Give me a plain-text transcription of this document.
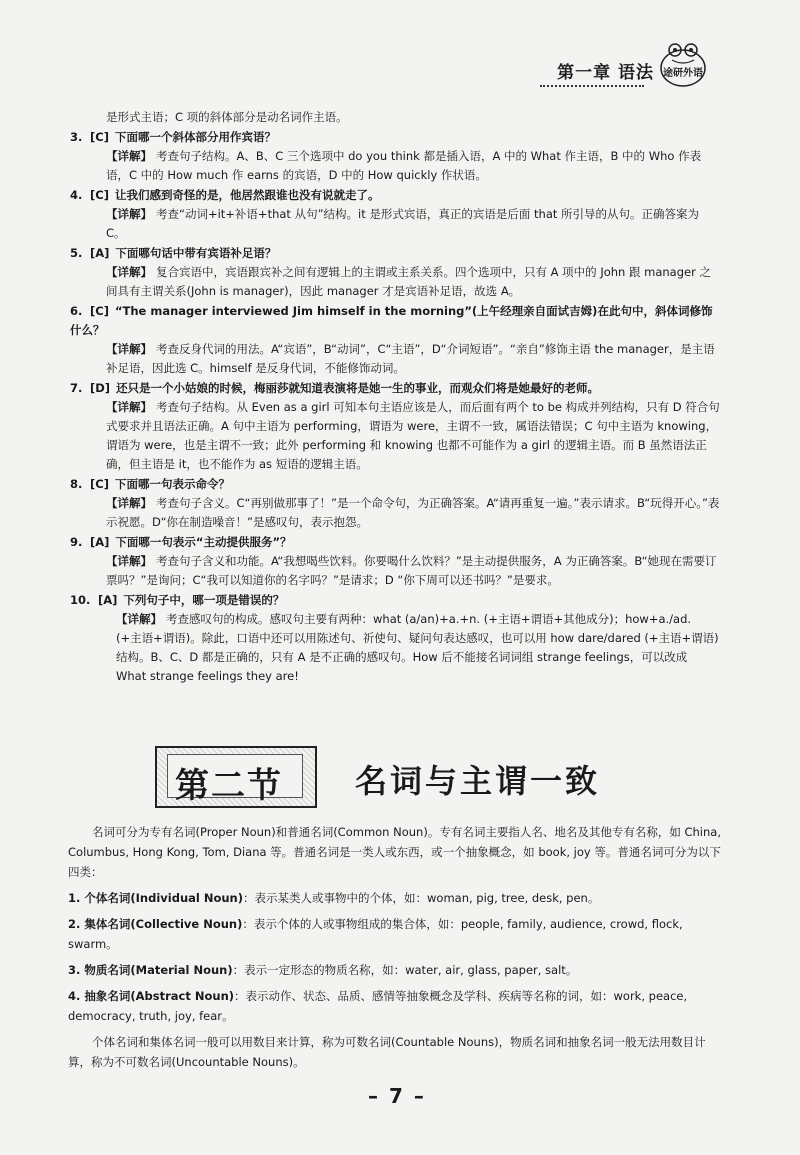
第一章 语法 途研外语
是形式主语；C 项的斜体部分是动名词作主语。
3. [C] 下面哪一个斜体部分用作宾语？
【详解】 考查句子结构。A、B、C 三个选项中 do you think 都是插入语，A 中的 What 作主语，B 中的 Who 作表语，C 中的 How much 作 earns 的宾语，D 中的 How quickly 作状语。
4. [C] 让我们感到奇怪的是，他居然跟谁也没有说就走了。
【详解】 考查“动词+it+补语+that 从句”结构。it 是形式宾语，真正的宾语是后面 that 所引导的从句。正确答案为 C。
5. [A] 下面哪句话中带有宾语补足语？
【详解】 复合宾语中，宾语跟宾补之间有逻辑上的主谓或主系关系。四个选项中，只有 A 项中的 John 跟 manager 之间具有主谓关系(John is manager)，因此 manager 才是宾语补足语，故选 A。
6. [C] “The manager interviewed Jim himself in the morning”(上午经理亲自面试吉姆)在此句中，斜体词修饰什么？
【详解】 考查反身代词的用法。A“宾语”，B“动词”，C“主语”，D“介词短语”。“亲自”修饰主语 the manager，是主语补足语，因此选 C。himself 是反身代词，不能修饰动词。
7. [D] 还只是一个小姑娘的时候，梅丽莎就知道表演将是她一生的事业，而观众们将是她最好的老师。
【详解】 考查句子结构。从 Even as a girl 可知本句主语应该是人，而后面有两个 to be 构成并列结构，只有 D 符合句式要求并且语法正确。A 句中主语为 performing，谓语为 were，主谓不一致，属语法错误；C 句中主语为 knowing，谓语为 were，也是主谓不一致；此外 performing 和 knowing 也都不可能作为 a girl 的逻辑主语。而 B 虽然语法正确，但主语是 it，也不能作为 as 短语的逻辑主语。
8. [C] 下面哪一句表示命令？
【详解】 考查句子含义。C“再别做那事了！”是一个命令句，为正确答案。A“请再重复一遍。”表示请求。B“玩得开心。”表示祝愿。D“你在制造噪音！”是感叹句，表示抱怨。
9. [A] 下面哪一句表示“主动提供服务”？
【详解】 考查句子含义和功能。A“我想喝些饮料。你要喝什么饮料？”是主动提供服务，A 为正确答案。B“她现在需要订票吗？”是询问；C“我可以知道你的名字吗？”是请求；D “你下周可以还书吗？”是要求。
10. [A] 下列句子中，哪一项是错误的？
【详解】 考查感叹句的构成。感叹句主要有两种：what (a/an)+a.+n. (+主语+谓语+其他成分)；how+a./ad. (+主语+谓语)。除此，口语中还可以用陈述句、祈使句、疑问句表达感叹，也可以用 how dare/dared (+主语+谓语)结构。B、C、D 都是正确的，只有 A 是不正确的感叹句。How 后不能接名词词组 strange feelings，可以改成 What strange feelings they are!
第二节 名词与主谓一致
名词可分为专有名词(Proper Noun)和普通名词(Common Noun)。专有名词主要指人名、地名及其他专有名称，如 China, Columbus, Hong Kong, Tom, Diana 等。普通名词是一类人或东西，或一个抽象概念，如 book, joy 等。普通名词可分为以下四类：
1. 个体名词(Individual Noun)：表示某类人或事物中的个体，如：woman, pig, tree, desk, pen。
2. 集体名词(Collective Noun)：表示个体的人或事物组成的集合体，如：people, family, audience, crowd, flock, swarm。
3. 物质名词(Material Noun)：表示一定形态的物质名称，如：water, air, glass, paper, salt。
4. 抽象名词(Abstract Noun)：表示动作、状态、品质、感情等抽象概念及学科、疾病等名称的词，如：work, peace, democracy, truth, joy, fear。
个体名词和集体名词一般可以用数目来计算，称为可数名词(Countable Nouns)，物质名词和抽象名词一般无法用数目计算，称为不可数名词(Uncountable Nouns)。
– 7 –
